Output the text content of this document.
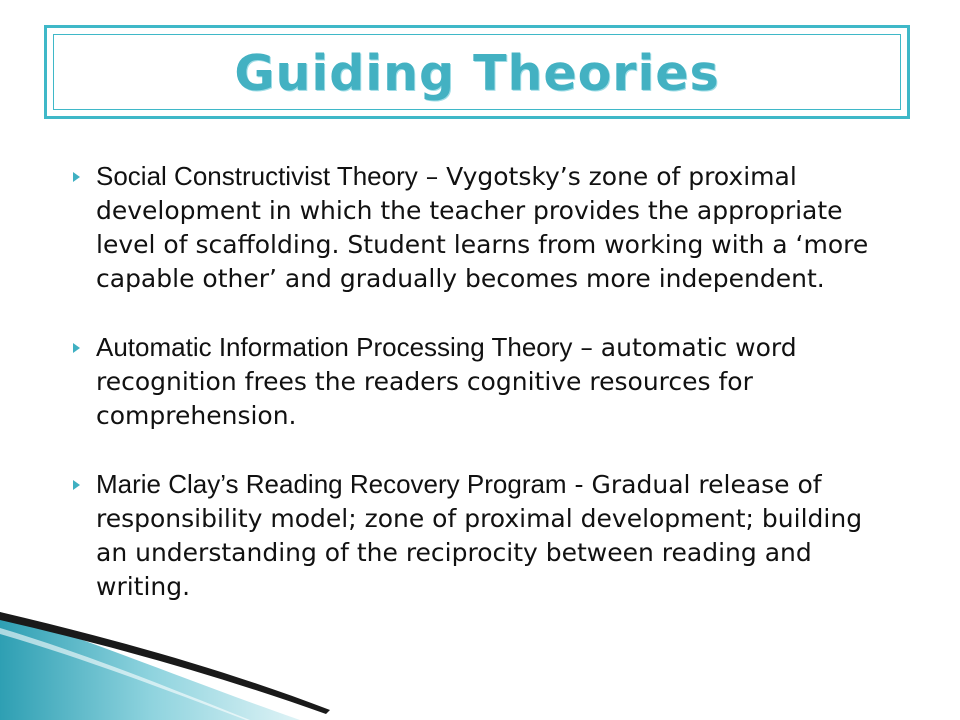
Guiding Theories
Social Constructivist Theory – Vygotsky’s zone of proximal development in which the teacher provides the appropriate level of scaffolding. Student learns from working with a ‘more capable other’ and gradually becomes more independent.
Automatic Information Processing Theory – automatic word recognition frees the readers cognitive resources for comprehension.
Marie Clay’s Reading Recovery Program - Gradual release of responsibility model; zone of proximal development; building an understanding of the reciprocity between reading and writing.
